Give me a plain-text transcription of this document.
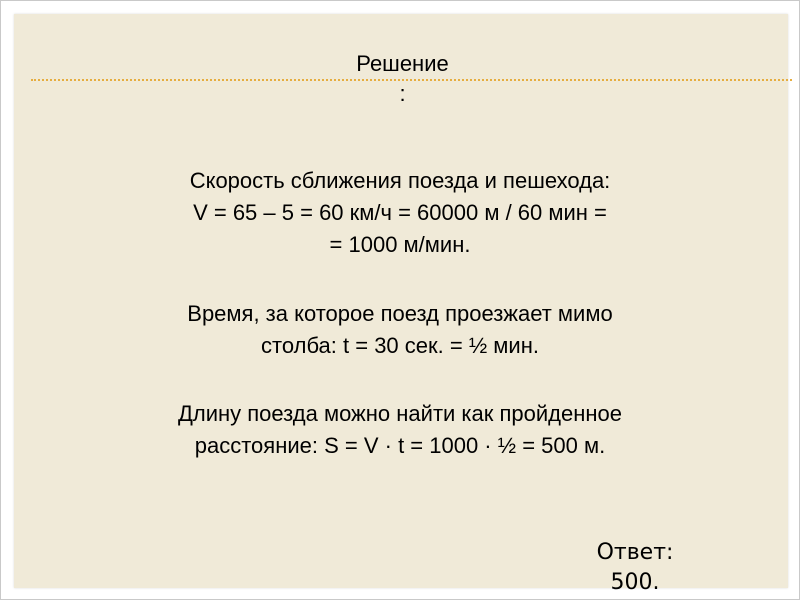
Решение
:
Скорость сближения поезда и пешехода:
V = 65 – 5 = 60 км/ч = 60000 м / 60 мин =
= 1000 м/мин.
Время, за которое поезд проезжает мимо
столба: t = 30 сек. = ½ мин.
Длину поезда можно найти как пройденное
расстояние: S = V · t = 1000 · ½ = 500 м.
Ответ:
500.
